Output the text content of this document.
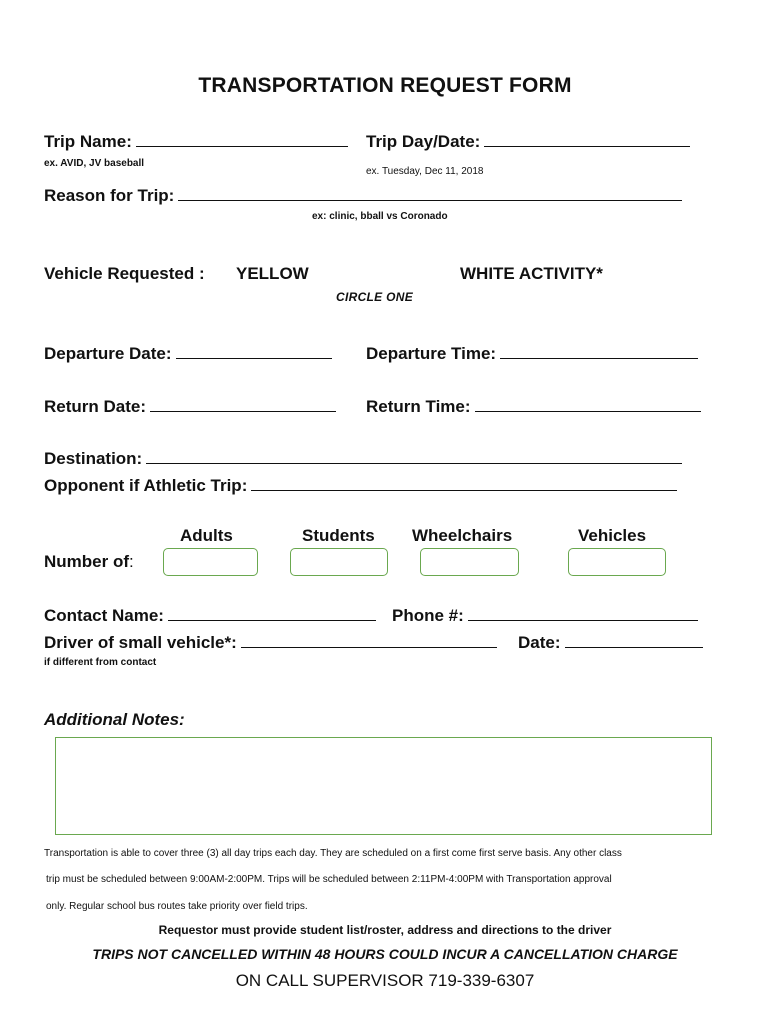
TRANSPORTATION REQUEST FORM
Trip Name:	Trip Day/Date:
ex. AVID, JV baseball
ex. Tuesday, Dec 11, 2018
Reason for Trip:
ex: clinic, bball vs Coronado
Vehicle Requested : YELLOW	WHITE ACTIVITY*
CIRCLE ONE
Departure Date:	Departure Time:
Return Date:	Return Time:
Destination:
Opponent if Athletic Trip:
Adults	Students Wheelchairs	Vehicles
Number of:
Contact Name:	Phone #:
Driver of small vehicle*:	Date:
if different from contact
Additional Notes:
Transportation is able to cover three (3) all day trips each day. They are scheduled on a first come first serve basis. Any other class
trip must be scheduled between 9:00AM-2:00PM. Trips will be scheduled between 2:11PM-4:00PM with Transportation approval
only. Regular school bus routes take priority over field trips.
Requestor must provide student list/roster, address and directions to the driver
TRIPS NOT CANCELLED WITHIN 48 HOURS COULD INCUR A CANCELLATION CHARGE
ON CALL SUPERVISOR 719-339-6307
